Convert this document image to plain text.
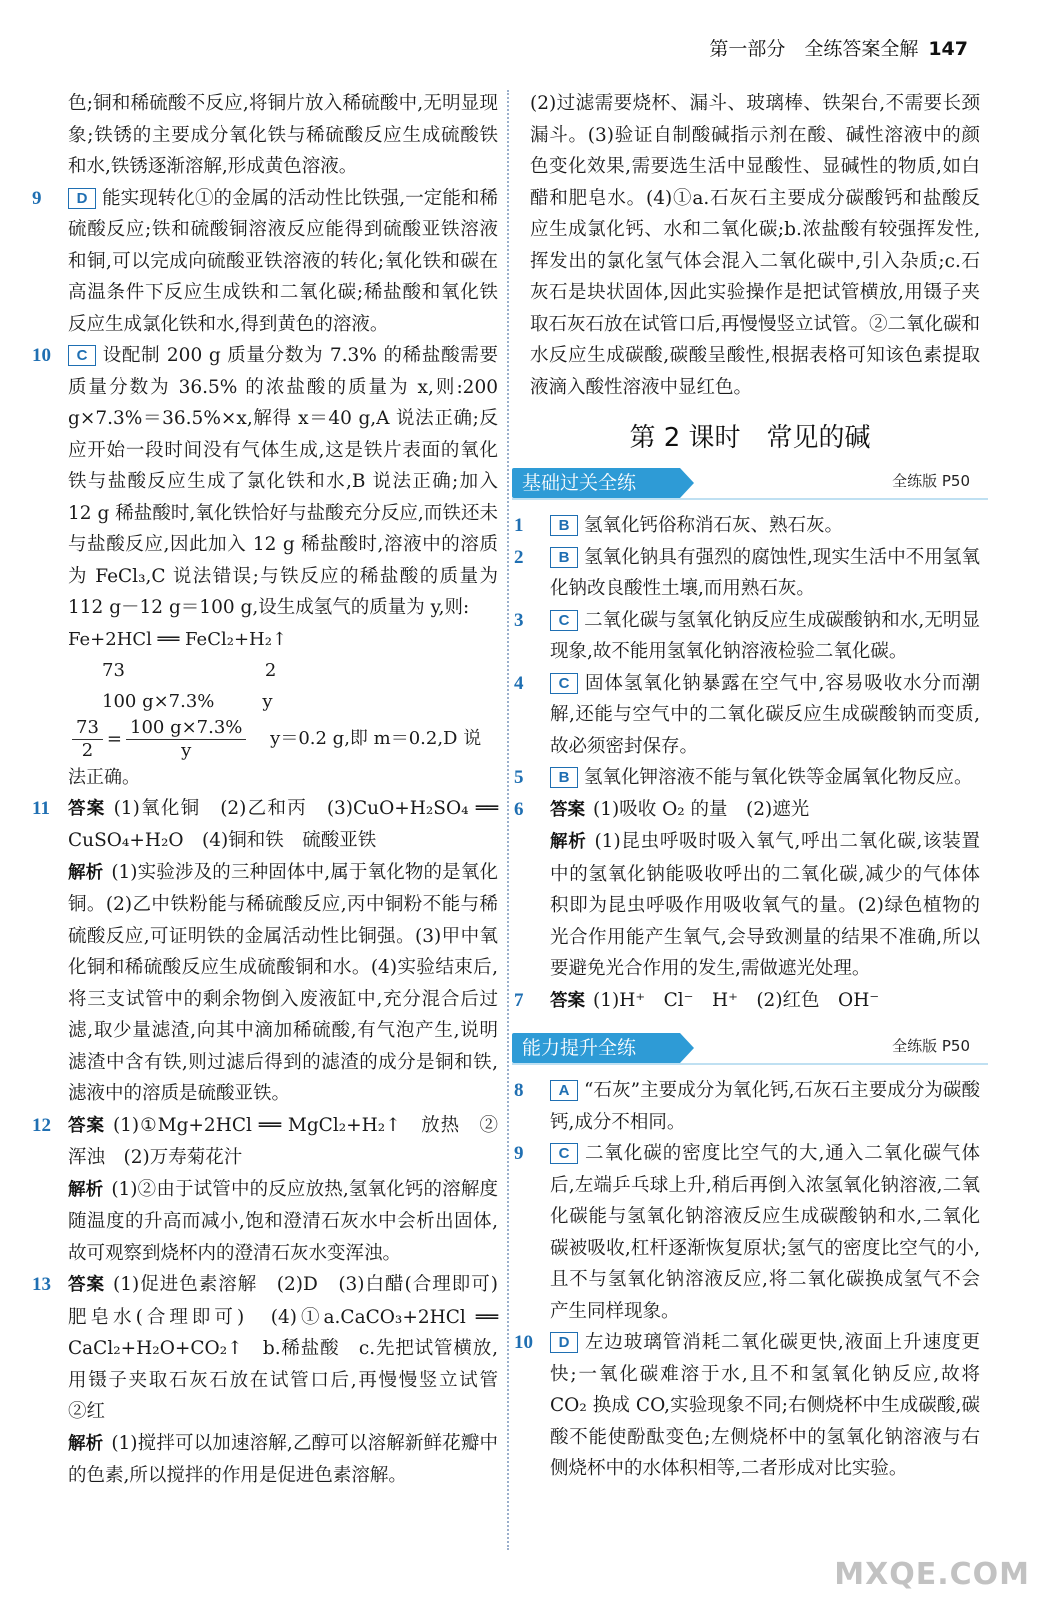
第一部分　全练答案全解 147
色;铜和稀硫酸不反应,将铜片放入稀硫酸中,无明显现象;铁锈的主要成分氧化铁与稀硫酸反应生成硫酸铁和水,铁锈逐渐溶解,形成黄色溶液。
9	D 能实现转化①的金属的活动性比铁强,一定能和稀硫酸反应;铁和硫酸铜溶液反应能得到硫酸亚铁溶液和铜,可以完成向硫酸亚铁溶液的转化;氧化铁和碳在高温条件下反应生成铁和二氧化碳;稀盐酸和氧化铁反应生成氯化铁和水,得到黄色的溶液。
10	C 设配制 200 g 质量分数为 7.3% 的稀盐酸需要质量分数为 36.5% 的浓盐酸的质量为 x,则:200 g×7.3%＝36.5%×x,解得 x＝40 g,A 说法正确;反应开始一段时间没有气体生成,这是铁片表面的氧化铁与盐酸反应生成了氯化铁和水,B 说法正确;加入 12 g 稀盐酸时,氧化铁恰好与盐酸充分反应,而铁还未与盐酸反应,因此加入 12 g 稀盐酸时,溶液中的溶质为 FeCl₃,C 说法错误;与铁反应的稀盐酸的质量为 112 g－12 g＝100 g,设生成氢气的质量为 y,则:
Fe+2HCl ══ FeCl₂+H₂↑
73	2
100 g×7.3%	y
$\frac{73}{2} = \frac{100 g\times 7.3\%}{y} y=0.2$ g,即 m＝0.2,D 说法正确。
11	答案 (1)氧化铜　(2)乙和丙　(3)CuO+H₂SO₄ ══ CuSO₄+H₂O　(4)铜和铁　硫酸亚铁
解析 (1)实验涉及的三种固体中,属于氧化物的是氧化铜。(2)乙中铁粉能与稀硫酸反应,丙中铜粉不能与稀硫酸反应,可证明铁的金属活动性比铜强。(3)甲中氧化铜和稀硫酸反应生成硫酸铜和水。(4)实验结束后,将三支试管中的剩余物倒入废液缸中,充分混合后过滤,取少量滤渣,向其中滴加稀硫酸,有气泡产生,说明滤渣中含有铁,则过滤后得到的滤渣的成分是铜和铁,滤液中的溶质是硫酸亚铁。
12 答案 (1)①Mg+2HCl ══ MgCl₂+H₂↑　放热　②浑浊　(2)万寿菊花汁
解析 (1)②由于试管中的反应放热,氢氧化钙的溶解度随温度的升高而减小,饱和澄清石灰水中会析出固体,故可观察到烧杯内的澄清石灰水变浑浊。
13 答案 (1)促进色素溶解　(2)D　(3)白醋(合理即可)　肥皂水(合理即可)　(4)①a.CaCO₃+2HCl ══ CaCl₂+H₂O+CO₂↑　b.稀盐酸　c.先把试管横放,用镊子夹取石灰石放在试管口后,再慢慢竖立试管　②红
解析 (1)搅拌可以加速溶解,乙醇可以溶解新鲜花瓣中的色素,所以搅拌的作用是促进色素溶解。
(2)过滤需要烧杯、漏斗、玻璃棒、铁架台,不需要长颈漏斗。(3)验证自制酸碱指示剂在酸、碱性溶液中的颜色变化效果,需要选生活中显酸性、显碱性的物质,如白醋和肥皂水。(4)①a.石灰石主要成分碳酸钙和盐酸反应生成氯化钙、水和二氧化碳;b.浓盐酸有较强挥发性,挥发出的氯化氢气体会混入二氧化碳中,引入杂质;c.石灰石是块状固体,因此实验操作是把试管横放,用镊子夹取石灰石放在试管口后,再慢慢竖立试管。②二氧化碳和水反应生成碳酸,碳酸呈酸性,根据表格可知该色素提取液滴入酸性溶液中显红色。
第 2 课时　常见的碱
基础过关全练	全练版 P50
1	B 氢氧化钙俗称消石灰、熟石灰。
2	B 氢氧化钠具有强烈的腐蚀性,现实生活中不用氢氧化钠改良酸性土壤,而用熟石灰。
3	C 二氧化碳与氢氧化钠反应生成碳酸钠和水,无明显现象,故不能用氢氧化钠溶液检验二氧化碳。
4	C 固体氢氧化钠暴露在空气中,容易吸收水分而潮解,还能与空气中的二氧化碳反应生成碳酸钠而变质,故必须密封保存。
5	B 氢氧化钾溶液不能与氧化铁等金属氧化物反应。
6	答案 (1)吸收 O₂ 的量　(2)遮光
解析 (1)昆虫呼吸时吸入氧气,呼出二氧化碳,该装置中的氢氧化钠能吸收呼出的二氧化碳,减少的气体体积即为昆虫呼吸作用吸收氧气的量。(2)绿色植物的光合作用能产生氧气,会导致测量的结果不准确,所以要避免光合作用的发生,需做遮光处理。
7	答案 (1)H⁺　Cl⁻　H⁺　(2)红色　OH⁻
能力提升全练	全练版 P50
8	A “石灰”主要成分为氧化钙,石灰石主要成分为碳酸钙,成分不相同。
9	C 二氧化碳的密度比空气的大,通入二氧化碳气体后,左端乒乓球上升,稍后再倒入浓氢氧化钠溶液,二氧化碳能与氢氧化钠溶液反应生成碳酸钠和水,二氧化碳被吸收,杠杆逐渐恢复原状;氢气的密度比空气的小,且不与氢氧化钠溶液反应,将二氧化碳换成氢气不会产生同样现象。
10	D 左边玻璃管消耗二氧化碳更快,液面上升速度更快;一氧化碳难溶于水,且不和氢氧化钠反应,故将 CO₂ 换成 CO,实验现象不同;右侧烧杯中生成碳酸,碳酸不能使酚酞变色;左侧烧杯中的氢氧化钠溶液与右侧烧杯中的水体积相等,二者形成对比实验。
MXQE.COM
